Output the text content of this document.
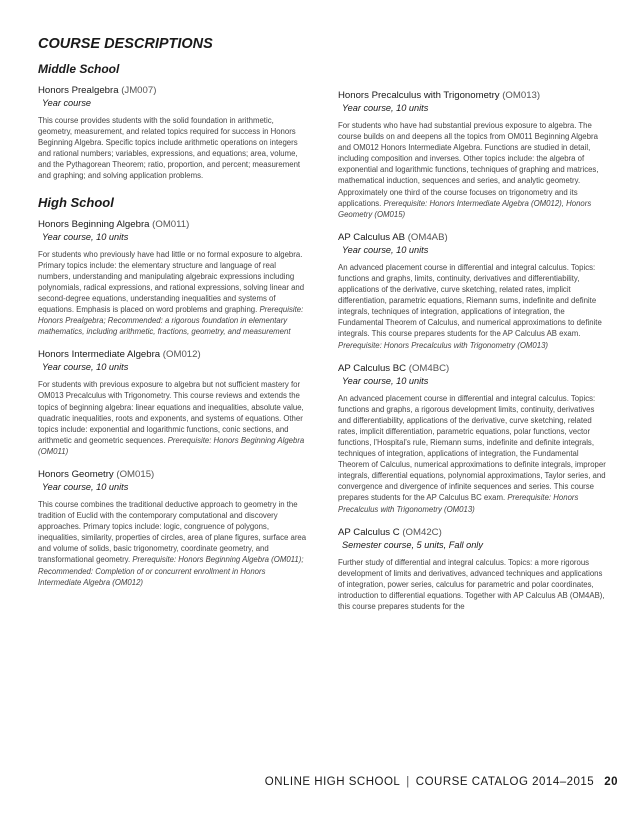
COURSE DESCRIPTIONS
Middle School
Honors Prealgebra (JM007)
Year course

This course provides students with the solid foundation in arithmetic, geometry, measurement, and related topics required for success in Honors Beginning Algebra. Specific topics include arithmetic operations on integers and rational numbers; variables, expressions, and equations; area, volume, and the Pythagorean Theorem; ratio, proportion, and percent; measurement and graphing; and solving application problems.

High School
Honors Beginning Algebra (OM011)
Year course, 10 units

For students who previously have had little or no formal exposure to algebra. Primary topics include: the elementary structure and language of real numbers, understanding and manipulating algebraic expressions including polynomials, radical expressions, and rational expressions, solving linear and second-degree equations, understanding inequalities and systems of equations. Emphasis is placed on word problems and graphing. Prerequisite: Honors Prealgebra; Recommended: a rigorous foundation in elementary mathematics, including arithmetic, fractions, geometry, and measurement

Honors Intermediate Algebra (OM012)
Year course, 10 units

For students with previous exposure to algebra but not sufficient mastery for OM013 Precalculus with Trigonometry. This course reviews and extends the topics of beginning algebra: linear equations and inequalities, absolute value, quadratic inequalities, roots and exponents, and systems of equations. Other topics include: exponential and logarithmic functions, conic sections, and arithmetic and geometric sequences. Prerequisite: Honors Beginning Algebra (OM011)

Honors Geometry (OM015)
Year course, 10 units

This course combines the traditional deductive approach to geometry in the tradition of Euclid with the contemporary computational and discovery approaches. Primary topics include: logic, congruence of polygons, inequalities, similarity, properties of circles, area of plane figures, surface area and volume of solids, basic trigonometry, coordinate geometry, and transformational geometry. Prerequisite: Honors Beginning Algebra (OM011); Recommended: Completion of or concurrent enrollment in Honors Intermediate Algebra (OM012)

Honors Precalculus with Trigonometry (OM013)
Year course, 10 units

For students who have had substantial previous exposure to algebra. The course builds on and deepens all the topics from OM011 Beginning Algebra and OM012 Honors Intermediate Algebra. Functions are studied in detail, including composition and inverses. Other topics include: the algebra of exponential and logarithmic functions, techniques of graphing and matrices, mathematical induction, sequences and series, and analytic geometry. Approximately one third of the course focuses on trigonometry and its applications. Prerequisite: Honors Intermediate Algebra (OM012), Honors Geometry (OM015)

AP Calculus AB (OM4AB)
Year course, 10 units

An advanced placement course in differential and integral calculus. Topics: functions and graphs, limits, continuity, derivatives and differentiability, applications of the derivative, curve sketching, related rates, implicit differentiation, parametric equations, Riemann sums, indefinite and definite integrals, techniques of integration, applications of integration, the Fundamental Theorem of Calculus, and numerical approximations to definite integrals. This course prepares students for the AP Calculus AB exam. Prerequisite: Honors Precalculus with Trigonometry (OM013)

AP Calculus BC (OM4BC)
Year course, 10 units

An advanced placement course in differential and integral calculus. Topics: functions and graphs, a rigorous development limits, continuity, derivatives and differentiability, applications of the derivative, curve sketching, related rates, implicit differentiation, parametric equations, polar functions, vector functions, l’Hospital’s rule, Riemann sums, indefinite and definite integrals, techniques of integration, applications of integration, the Fundamental Theorem of Calculus, numerical approximations to definite integrals, improper integrals, differential equations, polynomial approximations, Taylor series, and convergence and divergence of infinite sequences and series. This course prepares students for the AP Calculus BC exam. Prerequisite: Honors Precalculus with Trigonometry (OM013)

AP Calculus C (OM42C)
Semester course, 5 units, Fall only

Further study of differential and integral calculus. Topics: a more rigorous development of limits and derivatives, advanced techniques and applications of integration, power series, calculus for parametric and polar coordinates, introduction to differential equations. Together with AP Calculus AB (OM4AB), this course prepares students for the

ONLINE HIGH SCHOOL | COURSE CATALOG 2014–2015 20
